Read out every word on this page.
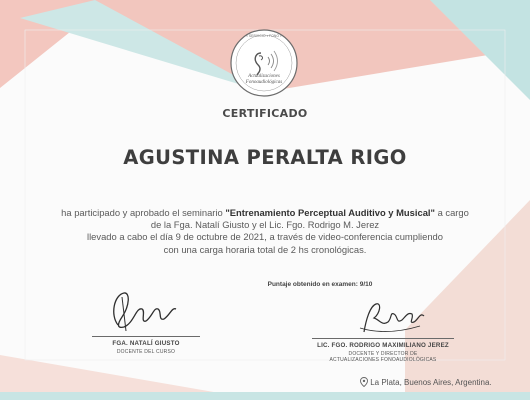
• SERVICIO • FONO •
Actualizaciones
Fonoaudiológicas
CERTIFICADO
AGUSTINA PERALTA RIGO
ha participado y aprobado el seminario "Entrenamiento Perceptual Auditivo y Musical" a cargo de la Fga. Natalí Giusto y el Lic. Fgo. Rodrigo M. Jerez
llevado a cabo el día 9 de octubre de 2021, a través de video-conferencia cumpliendo
con una carga horaria total de 2 hs cronológicas.
Puntaje obtenido en examen: 9/10
FGA. NATALÍ GIUSTO
DOCENTE DEL CURSO
LIC. FGO. RODRIGO MAXIMILIANO JEREZ
DOCENTE Y DIRECTOR DE
ACTUALIZACIONES FONOAUDIOLÓGICAS
La Plata, Buenos Aires, Argentina.
